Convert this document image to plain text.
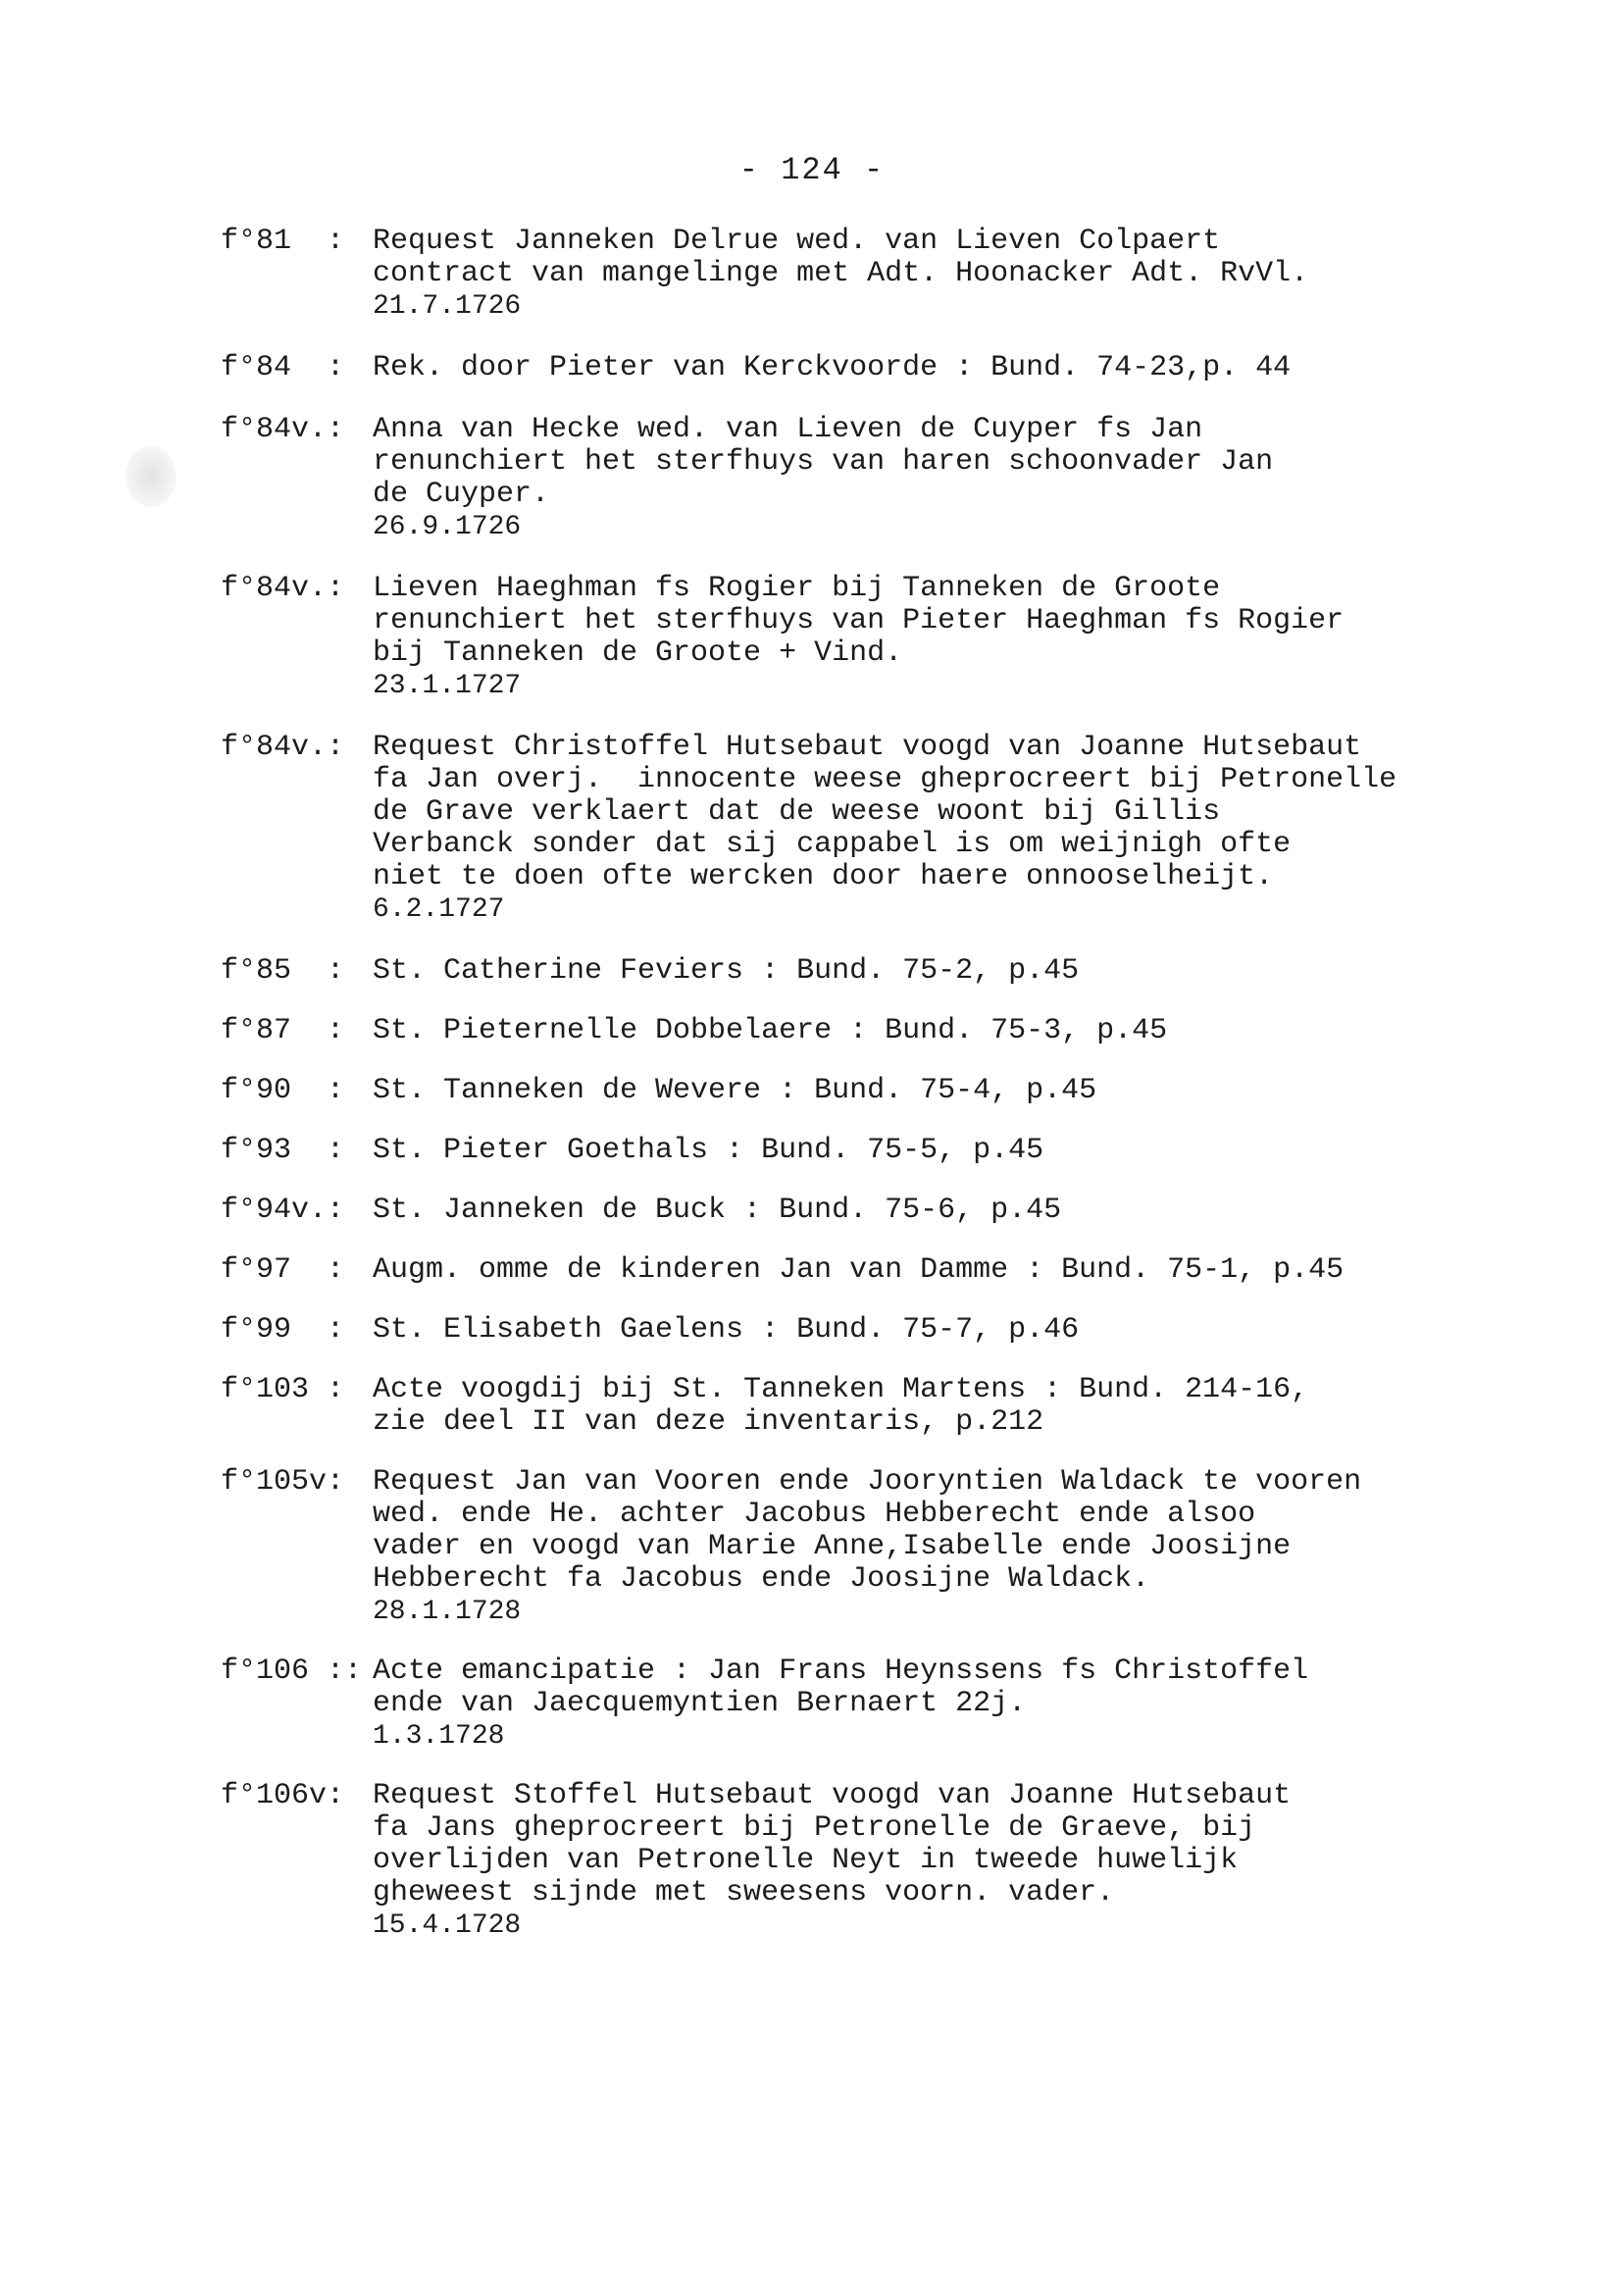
- 124 -
f°81  : Request Janneken Delrue wed. van Lieven Colpaert
contract van mangelinge met Adt. Hoonacker Adt. RvVl.
21.7.1726
f°84  : Rek. door Pieter van Kerckvoorde : Bund. 74-23,p. 44
f°84v.: Anna van Hecke wed. van Lieven de Cuyper fs Jan
renunchiert het sterfhuys van haren schoonvader Jan
de Cuyper.
26.9.1726
f°84v.: Lieven Haeghman fs Rogier bij Tanneken de Groote
renunchiert het sterfhuys van Pieter Haeghman fs Rogier
bij Tanneken de Groote + Vind.
23.1.1727
f°84v.: Request Christoffel Hutsebaut voogd van Joanne Hutsebaut
fa Jan overj.  innocente weese gheprocreert bij Petronelle
de Grave verklaert dat de weese woont bij Gillis
Verbanck sonder dat sij cappabel is om weijnigh ofte
niet te doen ofte wercken door haere onnooselheijt.
6.2.1727
f°85  : St. Catherine Feviers : Bund. 75-2, p.45
f°87  : St. Pieternelle Dobbelaere : Bund. 75-3, p.45
f°90  : St. Tanneken de Wevere : Bund. 75-4, p.45
f°93  : St. Pieter Goethals : Bund. 75-5, p.45
f°94v.: St. Janneken de Buck : Bund. 75-6, p.45
f°97  : Augm. omme de kinderen Jan van Damme : Bund. 75-1, p.45
f°99  : St. Elisabeth Gaelens : Bund. 75-7, p.46
f°103 : Acte voogdij bij St. Tanneken Martens : Bund. 214-16,
zie deel II van deze inventaris, p.212
f°105v: Request Jan van Vooren ende Jooryntien Waldack te vooren
wed. ende He. achter Jacobus Hebberecht ende alsoo
vader en voogd van Marie Anne,Isabelle ende Joosijne
Hebberecht fa Jacobus ende Joosijne Waldack.
28.1.1728
f°106 :: Acte emancipatie : Jan Frans Heynssens fs Christoffel
ende van Jaecquemyntien Bernaert 22j.
1.3.1728
f°106v: Request Stoffel Hutsebaut voogd van Joanne Hutsebaut
fa Jans gheprocreert bij Petronelle de Graeve, bij
overlijden van Petronelle Neyt in tweede huwelijk
gheweest sijnde met sweesens voorn. vader.
15.4.1728
